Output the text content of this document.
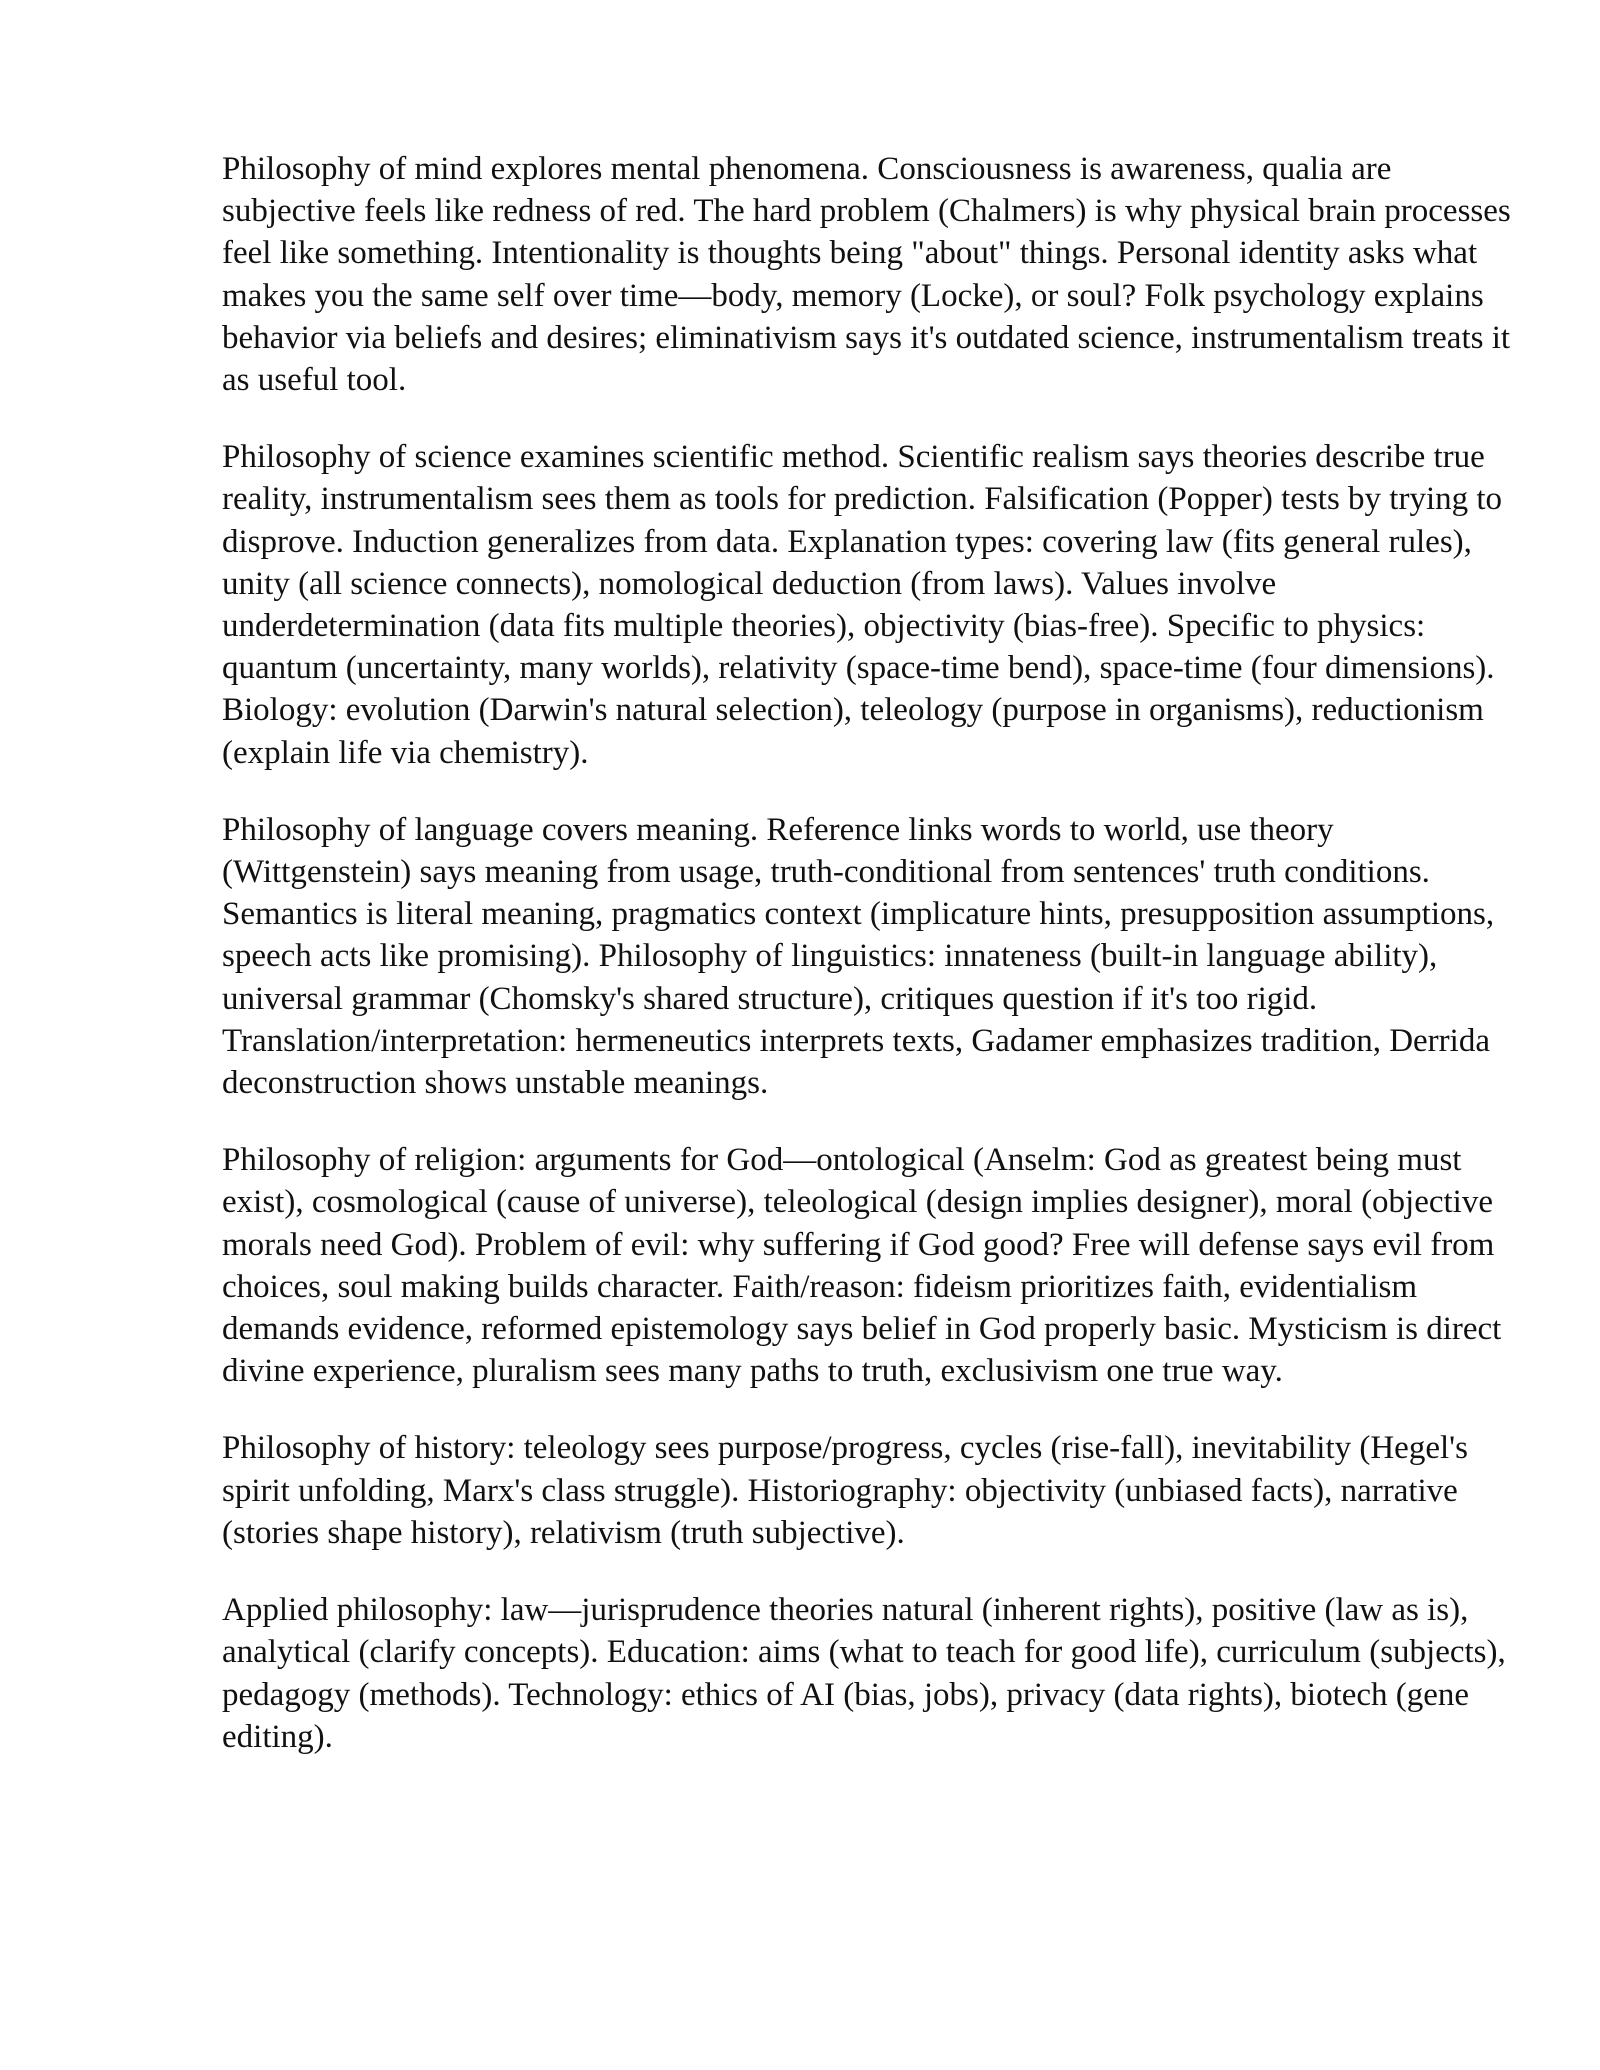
Philosophy of mind explores mental phenomena. Consciousness is awareness, qualia are subjective feels like redness of red. The hard problem (Chalmers) is why physical brain processes feel like something. Intentionality is thoughts being "about" things. Personal identity asks what makes you the same self over time—body, memory (Locke), or soul? Folk psychology explains behavior via beliefs and desires; eliminativism says it's outdated science, instrumentalism treats it as useful tool.

Philosophy of science examines scientific method. Scientific realism says theories describe true reality, instrumentalism sees them as tools for prediction. Falsification (Popper) tests by trying to disprove. Induction generalizes from data. Explanation types: covering law (fits general rules), unity (all science connects), nomological deduction (from laws). Values involve underdetermination (data fits multiple theories), objectivity (bias-free). Specific to physics: quantum (uncertainty, many worlds), relativity (space-time bend), space-time (four dimensions). Biology: evolution (Darwin's natural selection), teleology (purpose in organisms), reductionism (explain life via chemistry).

Philosophy of language covers meaning. Reference links words to world, use theory (Wittgenstein) says meaning from usage, truth-conditional from sentences' truth conditions. Semantics is literal meaning, pragmatics context (implicature hints, presupposition assumptions, speech acts like promising). Philosophy of linguistics: innateness (built-in language ability), universal grammar (Chomsky's shared structure), critiques question if it's too rigid. Translation/interpretation: hermeneutics interprets texts, Gadamer emphasizes tradition, Derrida deconstruction shows unstable meanings.

Philosophy of religion: arguments for God—ontological (Anselm: God as greatest being must exist), cosmological (cause of universe), teleological (design implies designer), moral (objective morals need God). Problem of evil: why suffering if God good? Free will defense says evil from choices, soul making builds character. Faith/reason: fideism prioritizes faith, evidentialism demands evidence, reformed epistemology says belief in God properly basic. Mysticism is direct divine experience, pluralism sees many paths to truth, exclusivism one true way.

Philosophy of history: teleology sees purpose/progress, cycles (rise-fall), inevitability (Hegel's spirit unfolding, Marx's class struggle). Historiography: objectivity (unbiased facts), narrative (stories shape history), relativism (truth subjective).

Applied philosophy: law—jurisprudence theories natural (inherent rights), positive (law as is), analytical (clarify concepts). Education: aims (what to teach for good life), curriculum (subjects), pedagogy (methods). Technology: ethics of AI (bias, jobs), privacy (data rights), biotech (gene editing).
